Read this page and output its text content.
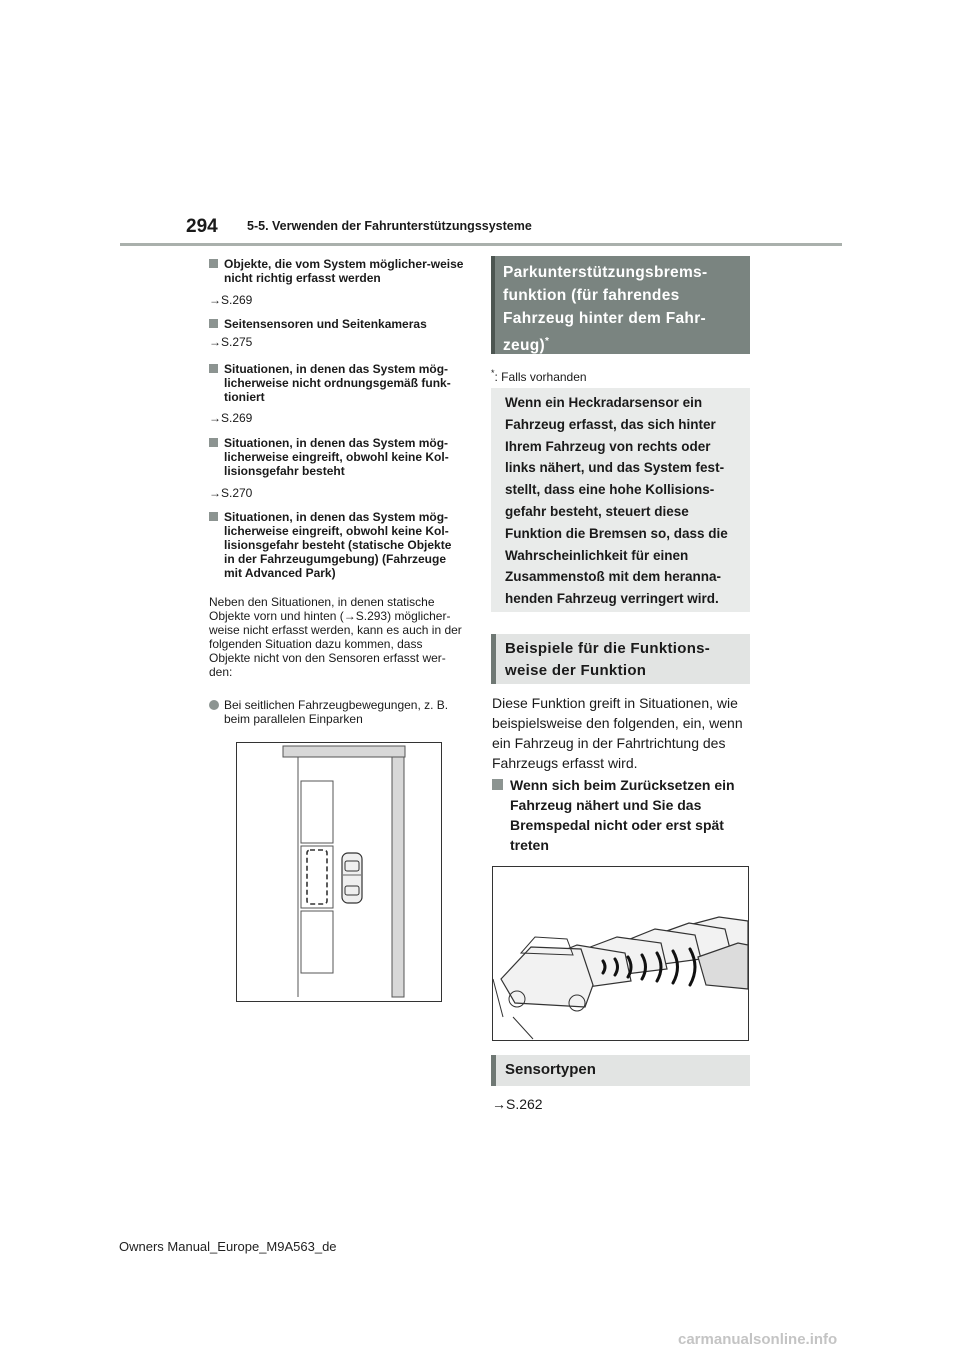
294 5-5. Verwenden der Fahrunterstützungssysteme
Objekte, die vom System möglicher-weise nicht richtig erfasst werden
→S.269
Seitensensoren und Seitenkameras
→S.275
Situationen, in denen das System mög-licherweise nicht ordnungsgemäß funk-tioniert
→S.269
Situationen, in denen das System mög-licherweise eingreift, obwohl keine Kol-lisionsgefahr besteht
→S.270
Situationen, in denen das System mög-licherweise eingreift, obwohl keine Kol-lisionsgefahr besteht (statische Objekte in der Fahrzeugumgebung) (Fahrzeuge mit Advanced Park)
Neben den Situationen, in denen statische Objekte vorn und hinten (→S.293) möglicher-weise nicht erfasst werden, kann es auch in der folgenden Situation dazu kommen, dass Objekte nicht von den Sensoren erfasst wer-den:
Bei seitlichen Fahrzeugbewegungen, z. B. beim parallelen Einparken
Parkunterstützungsbrems-funktion (für fahrendes Fahrzeug hinter dem Fahr-zeug)*
*: Falls vorhanden
Wenn ein Heckradarsensor ein Fahrzeug erfasst, das sich hinter Ihrem Fahrzeug von rechts oder links nähert, und das System fest-stellt, dass eine hohe Kollisions-gefahr besteht, steuert diese Funktion die Bremsen so, dass die Wahrscheinlichkeit für einen Zusammenstoß mit dem heranna-henden Fahrzeug verringert wird.
Beispiele für die Funktions-weise der Funktion
Diese Funktion greift in Situationen, wie beispielsweise den folgenden, ein, wenn ein Fahrzeug in der Fahrtrichtung des Fahrzeugs erfasst wird.
Wenn sich beim Zurücksetzen ein Fahrzeug nähert und Sie das Bremspedal nicht oder erst spät treten
Sensortypen
→S.262
Owners Manual_Europe_M9A563_de
carmanualsonline.info
